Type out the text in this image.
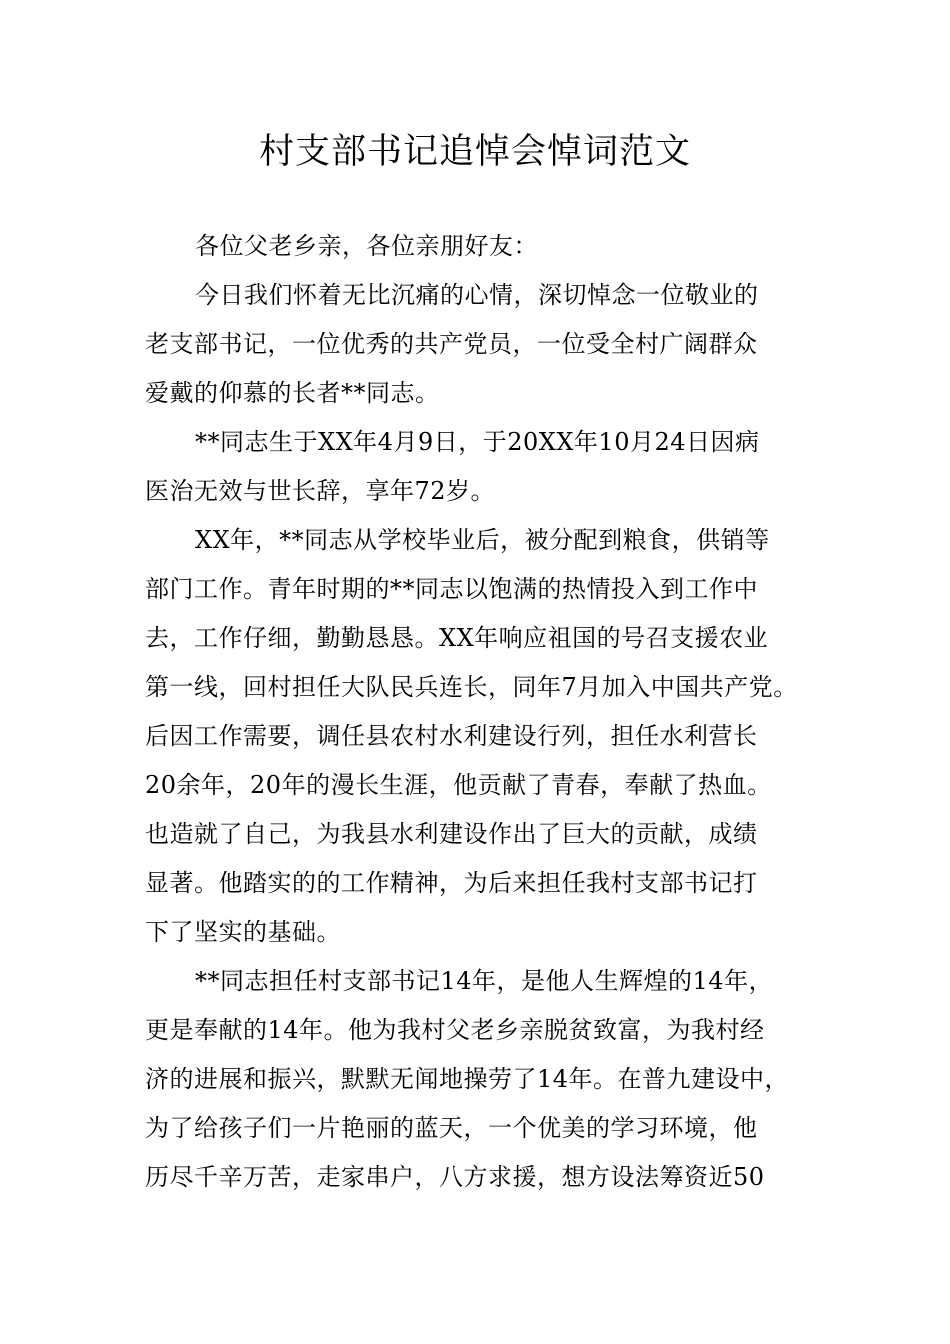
村支部书记追悼会悼词范文
各位父老乡亲，各位亲朋好友：
今日我们怀着无比沉痛的心情，深切悼念一位敬业的
老支部书记，一位优秀的共产党员，一位受全村广阔群众
爱戴的仰慕的长者**同志。
**同志生于XX年4月9日，于20XX年10月24日因病
医治无效与世长辞，享年72岁。
XX年，**同志从学校毕业后，被分配到粮食，供销等
部门工作。青年时期的**同志以饱满的热情投入到工作中
去，工作仔细，勤勤恳恳。XX年响应祖国的号召支援农业
第一线，回村担任大队民兵连长，同年7月加入中国共产党。
后因工作需要，调任县农村水利建设行列，担任水利营长
20余年，20年的漫长生涯，他贡献了青春，奉献了热血。
也造就了自己，为我县水利建设作出了巨大的贡献，成绩
显著。他踏实的的工作精神，为后来担任我村支部书记打
下了坚实的基础。
**同志担任村支部书记14年，是他人生辉煌的14年，
更是奉献的14年。他为我村父老乡亲脱贫致富，为我村经
济的进展和振兴，默默无闻地操劳了14年。在普九建设中，
为了给孩子们一片艳丽的蓝天，一个优美的学习环境，他
历尽千辛万苦，走家串户，八方求援，想方设法筹资近50
